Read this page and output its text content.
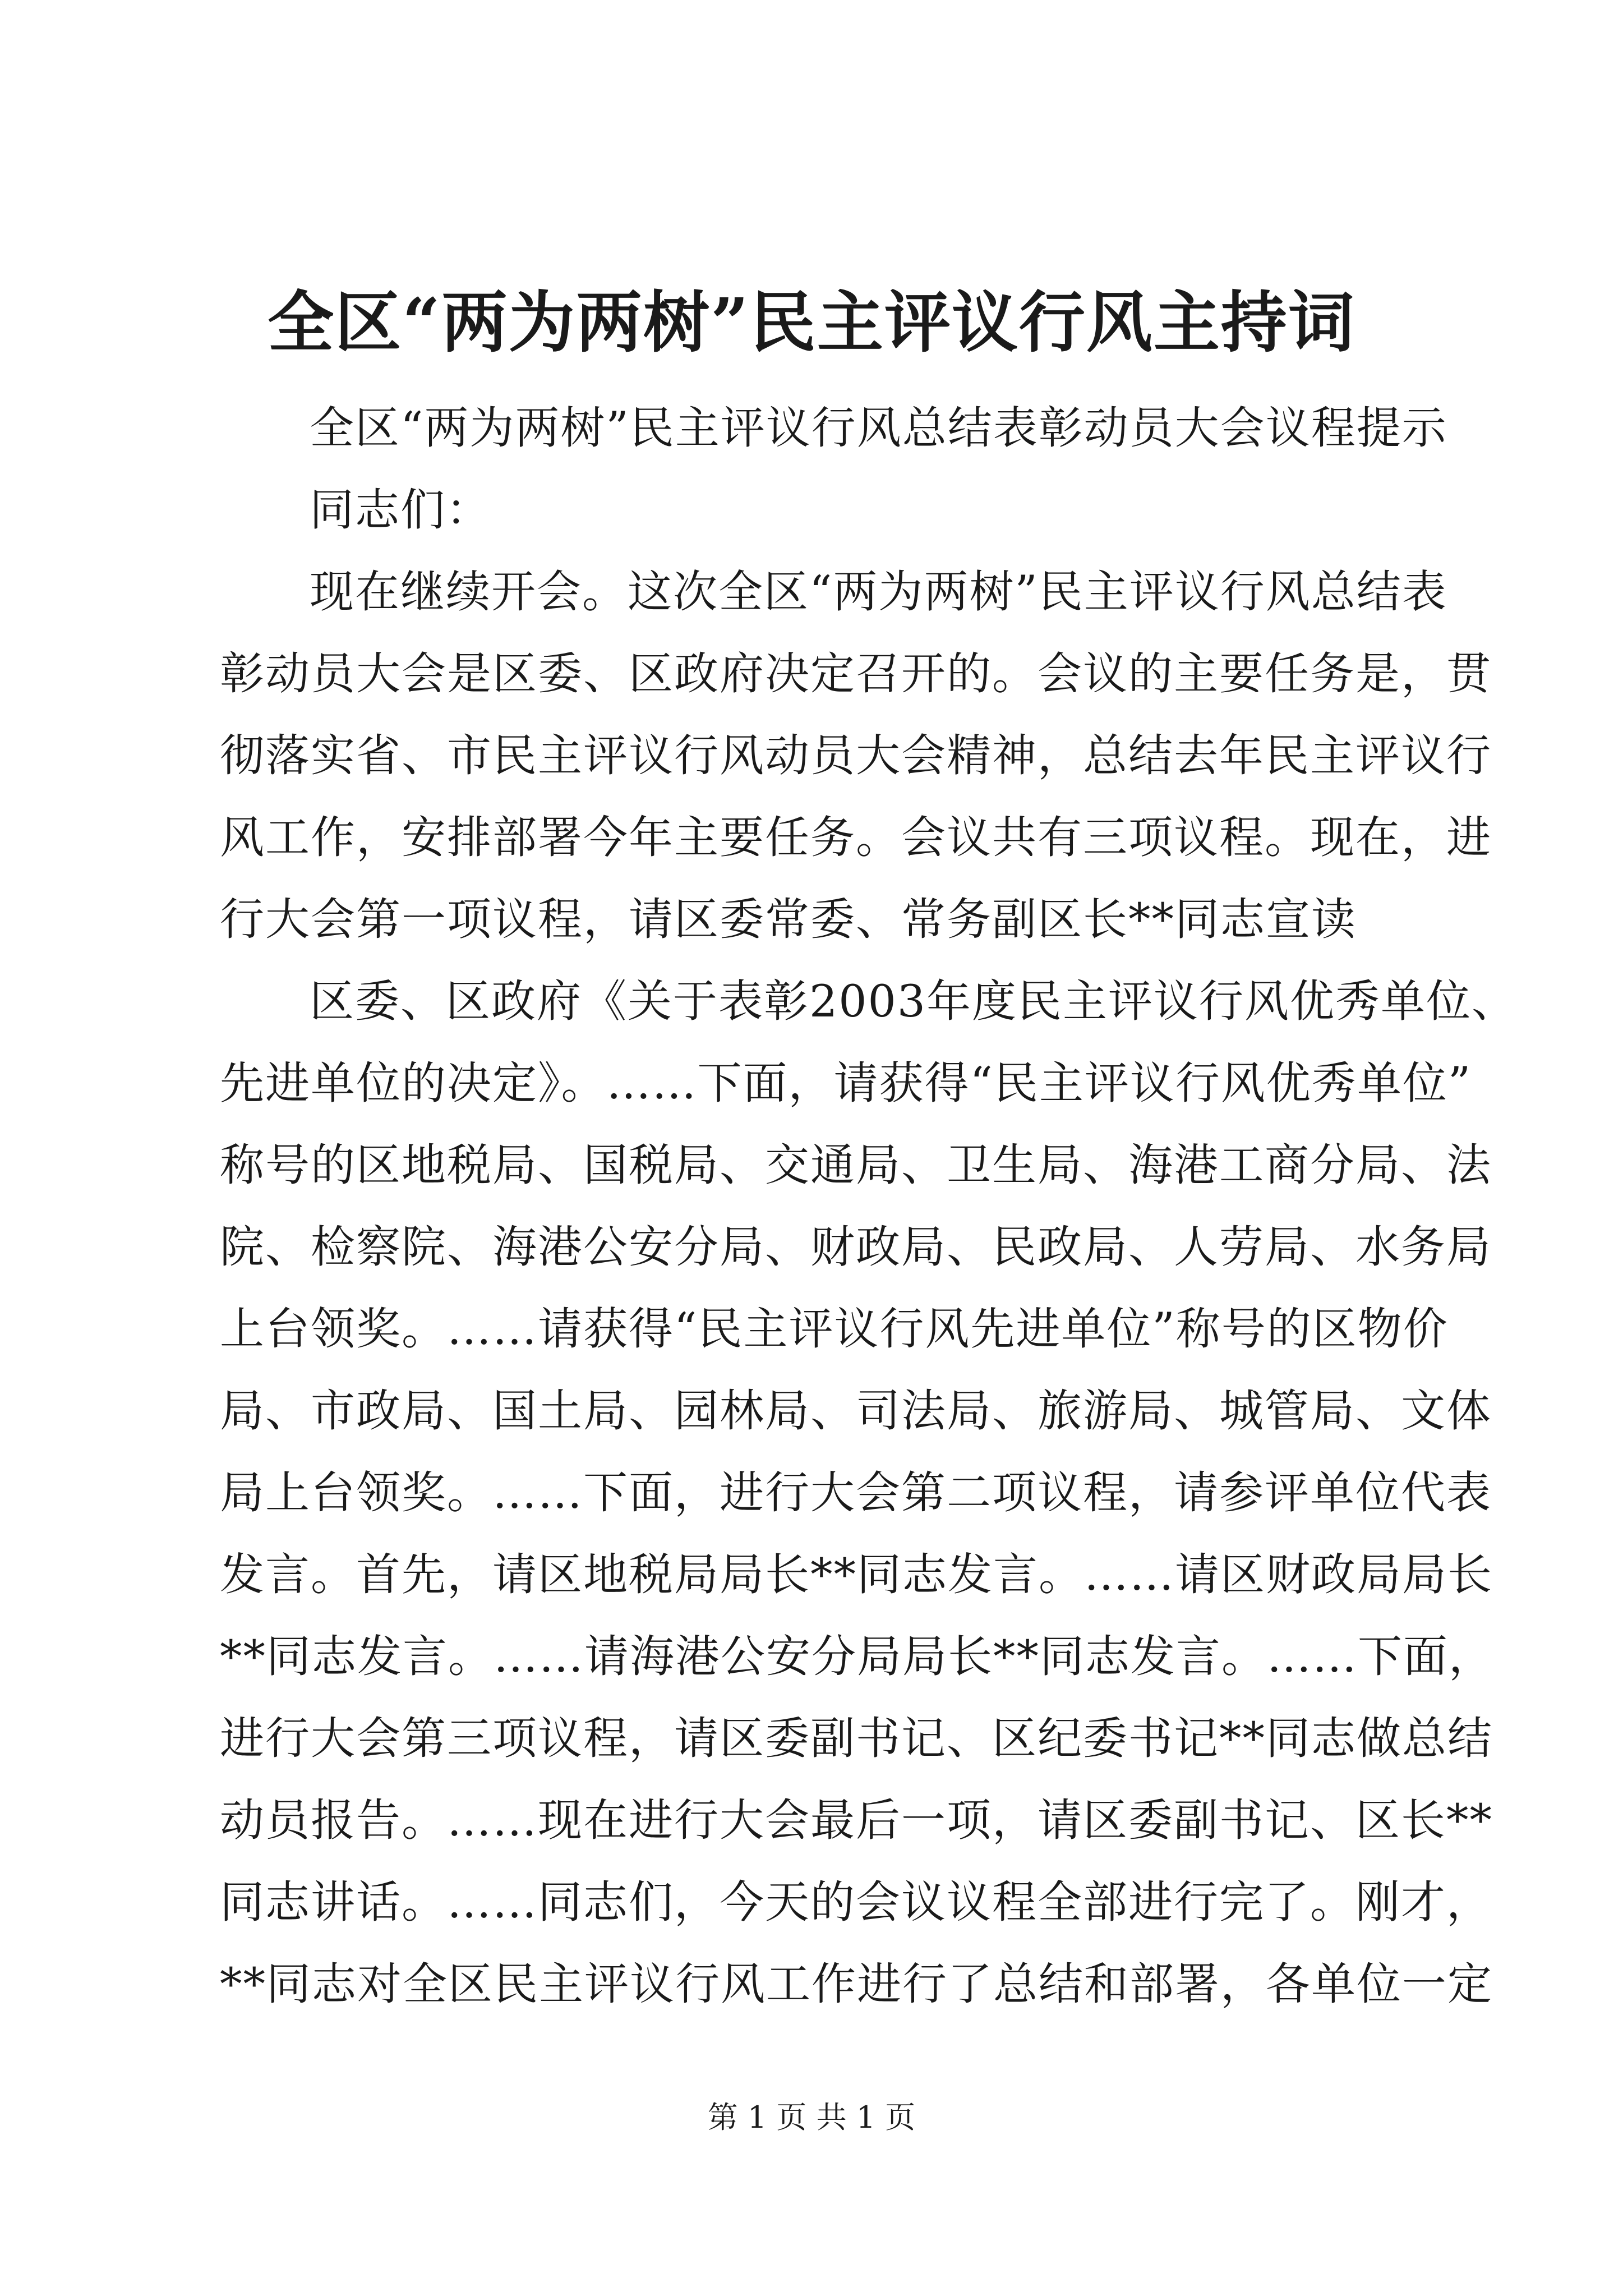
全区“两为两树”民主评议行风主持词

全区“两为两树”民主评议行风总结表彰动员大会议程提示

同志们：

现在继续开会。这次全区“两为两树”民主评议行风总结表

彰动员大会是区委、区政府决定召开的。会议的主要任务是，贯

彻落实省、市民主评议行风动员大会精神，总结去年民主评议行

风工作，安排部署今年主要任务。会议共有三项议程。现在，进

行大会第一项议程，请区委常委、常务副区长**同志宣读

区委、区政府《关于表彰2003年度民主评议行风优秀单位、

先进单位的决定》。……下面，请获得“民主评议行风优秀单位”

称号的区地税局、国税局、交通局、卫生局、海港工商分局、法

院、检察院、海港公安分局、财政局、民政局、人劳局、水务局

上台领奖。……请获得“民主评议行风先进单位”称号的区物价

局、市政局、国土局、园林局、司法局、旅游局、城管局、文体

局上台领奖。……下面，进行大会第二项议程，请参评单位代表

发言。首先，请区地税局局长**同志发言。……请区财政局局长

**同志发言。……请海港公安分局局长**同志发言。……下面，

进行大会第三项议程，请区委副书记、区纪委书记**同志做总结

动员报告。……现在进行大会最后一项，请区委副书记、区长**

同志讲话。……同志们，今天的会议议程全部进行完了。刚才，

**同志对全区民主评议行风工作进行了总结和部署，各单位一定

第 1 页 共 1 页
